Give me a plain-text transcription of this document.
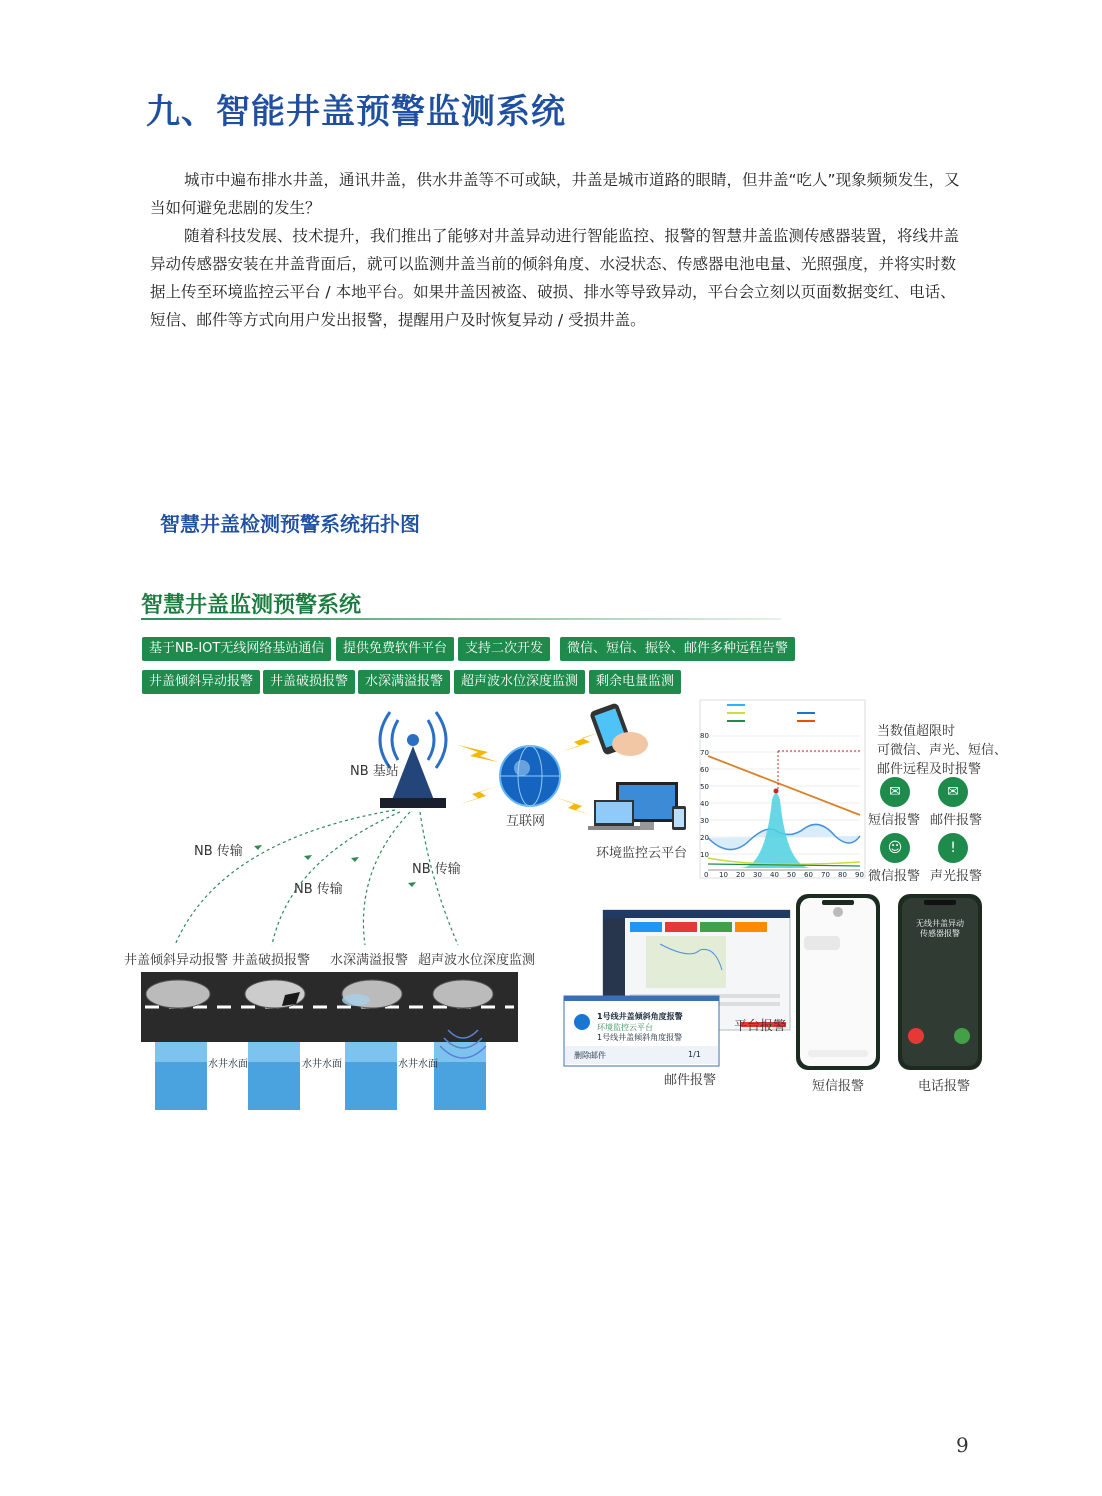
九、智能井盖预警监测系统
城市中遍布排水井盖，通讯井盖，供水井盖等不可或缺，井盖是城市道路的眼睛，但井盖“吃人”现象频频发生，又当如何避免悲剧的发生？
随着科技发展、技术提升，我们推出了能够对井盖异动进行智能监控、报警的智慧井盖监测传感器装置，将线井盖异动传感器安装在井盖背面后，就可以监测井盖当前的倾斜角度、水浸状态、传感器电池电量、光照强度，并将实时数据上传至环境监控云平台 / 本地平台。如果井盖因被盗、破损、排水等导致异动，平台会立刻以页面数据变红、电话、短信、邮件等方式向用户发出报警，提醒用户及时恢复异动 / 受损井盖。
智慧井盖检测预警系统拓扑图
智慧井盖监测预警系统
基于NB-IOT无线网络基站通信	提供免费软件平台	支持二次开发	微信、短信、振铃、邮件多种远程告警
井盖倾斜异动报警	井盖破损报警	水深满溢报警	超声波水位深度监测	剩余电量监测
NB 基站
互联网
环境监控云平台
NB 传输
NB 传输
NB 传输
井盖倾斜异动报警 井盖破损报警 水深满溢报警 超声波水位深度监测
水井水面	水井水面	水井水面
80
70
60
50
40
30
20
10
0 10 20 30 40 50 60 70 80 90
当数值超限时
可微信、声光、短信、
邮件远程及时报警
✉	✉
短信报警 邮件报警
☺	!
微信报警 声光报警
1号线井盖倾斜角度报警
环境监控云平台
1号线井盖倾斜角度报警
删除邮件	1/1
无线井盖异动
传感器报警
平台报警
邮件报警	短信报警	电话报警
9
